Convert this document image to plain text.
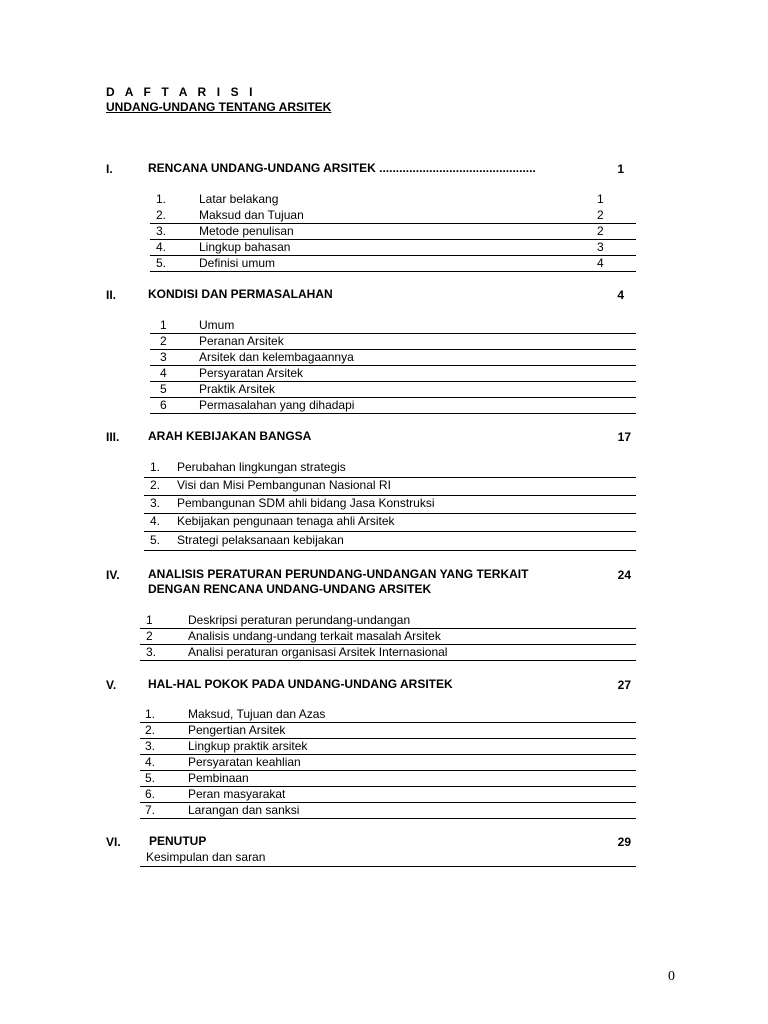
D A F T A R I S I
UNDANG-UNDANG TENTANG ARSITEK
I.	RENCANA UNDANG-UNDANG ARSITEK ...............................................	1
1.	Latar belakang	1
2.	Maksud dan Tujuan	2
3.	Metode penulisan	2
4.	Lingkup bahasan	3
5.	Definisi umum	4
II.	KONDISI DAN PERMASALAHAN	4
1	Umum
2	Peranan Arsitek
3	Arsitek dan kelembagaannya
4	Persyaratan Arsitek
5	Praktik Arsitek
6	Permasalahan yang dihadapi
III. ARAH KEBIJAKAN BANGSA	17
1. Perubahan lingkungan strategis
2. Visi dan Misi Pembangunan Nasional RI
3. Pembangunan SDM ahli bidang Jasa Konstruksi
4. Kebijakan pengunaan tenaga ahli Arsitek
5. Strategi pelaksanaan kebijakan
IV. ANALISIS PERATURAN PERUNDANG-UNDANGAN YANG TERKAIT
DENGAN RENCANA UNDANG-UNDANG ARSITEK
24
1	Deskripsi peraturan perundang-undangan
2	Analisis undang-undang terkait masalah Arsitek
3.	Analisi peraturan organisasi Arsitek Internasional
V.	HAL-HAL POKOK PADA UNDANG-UNDANG ARSITEK	27
1.	Maksud, Tujuan dan Azas
2.	Pengertian Arsitek
3.	Lingkup praktik arsitek
4.	Persyaratan keahlian
5.	Pembinaan
6.	Peran masyarakat
7.	Larangan dan sanksi
VI. PENUTUP	29
Kesimpulan dan saran
0
